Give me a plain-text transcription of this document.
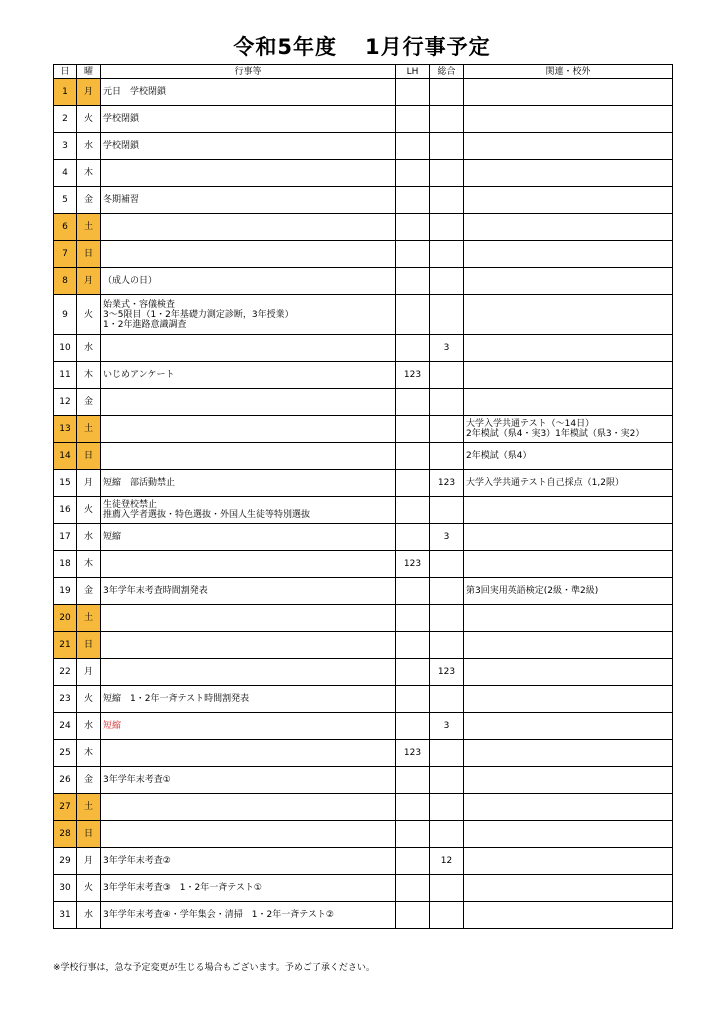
令和5年度 1月行事予定
日	曜	行事等	LH	総合	関連・校外
1	月	元日　学校閉鎖			

2	火	学校閉鎖			

3	水	学校閉鎖			

4	木				
5	金	冬期補習			

6	土				
7	日				
8	月	（成人の日）			

9	火	始業式・容儀検査
3～5限目（1・2年基礎力測定診断，3年授業）
1・2年進路意識調査			

10	水			3	
11	木	いじめアンケート	123		
12	金				
13	土				大学入学共通テスト（～14日）
2年模試（県4・実3）1年模試（県3・実2）

14	日				2年模試（県4）

15	月	短縮　部活動禁止		123	大学入学共通テスト自己採点（1,2限）

16	火	生徒登校禁止
推薦入学者選抜・特色選抜・外国人生徒等特別選抜			

17	水	短縮		3	
18	木		123		
19	金	3年学年末考査時間割発表			第3回実用英語検定(2級・準2級)

20	土				
21	日				
22	月			123	
23	火	短縮　1・2年一斉テスト時間割発表			

24	水	短縮		3	
25	木		123		
26	金	3年学年末考査①			

27	土				
28	日				
29	月	3年学年末考査②		12	
30	火	3年学年末考査③　1・2年一斉テスト①			

31	水	3年学年末考査④・学年集会・清掃　1・2年一斉テスト②			

※学校行事は，急な予定変更が生じる場合もございます。予めご了承ください。
